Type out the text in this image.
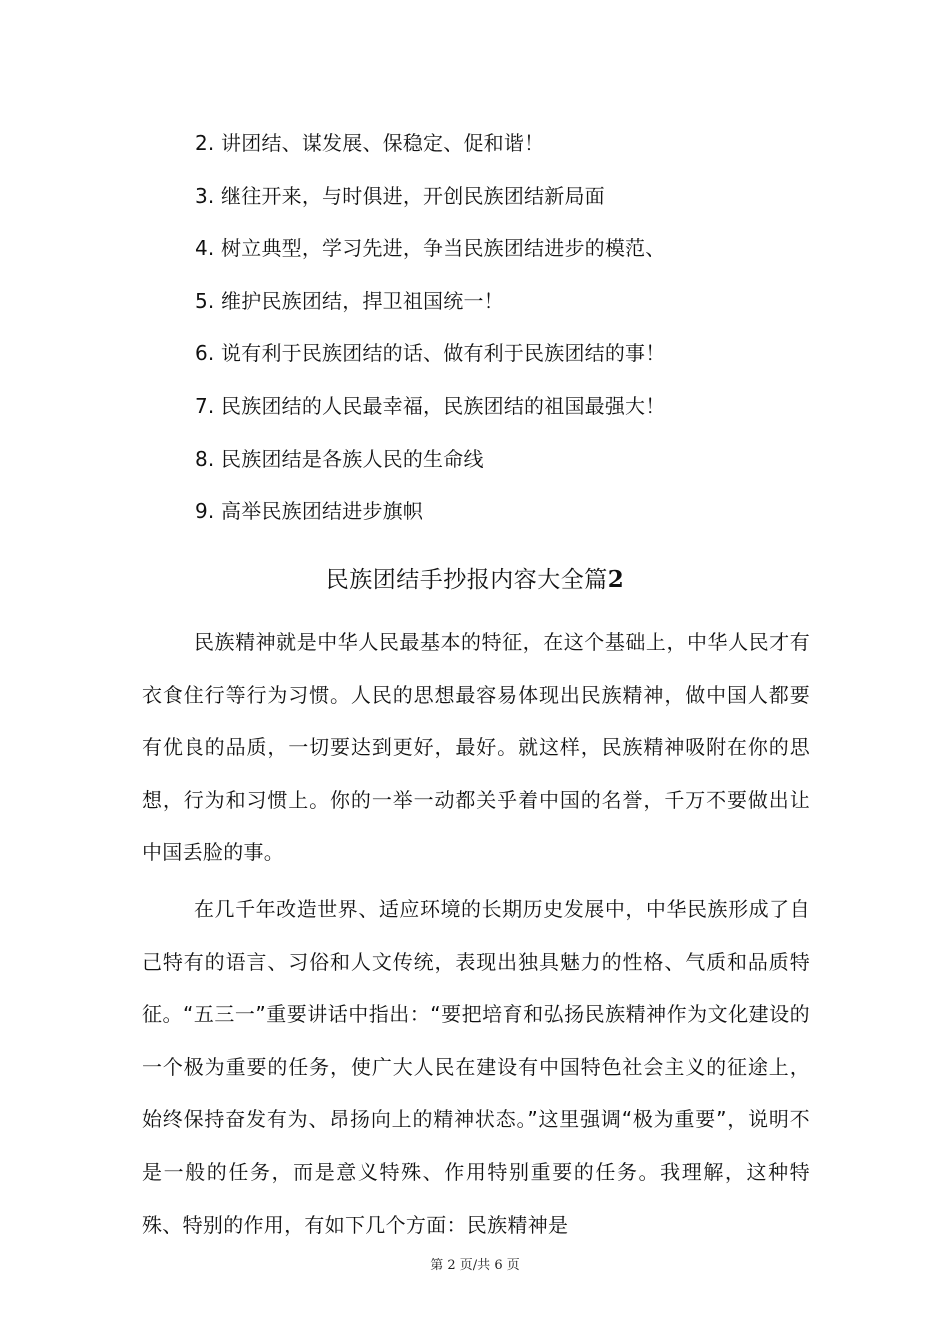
2. 讲团结、谋发展、保稳定、促和谐！
3. 继往开来，与时俱进，开创民族团结新局面
4. 树立典型，学习先进，争当民族团结进步的模范、
5. 维护民族团结，捍卫祖国统一！
6. 说有利于民族团结的话、做有利于民族团结的事！
7. 民族团结的人民最幸福，民族团结的祖国最强大！
8. 民族团结是各族人民的生命线
9. 高举民族团结进步旗帜
民族团结手抄报内容大全篇2

民族精神就是中华人民最基本的特征，在这个基础上，中华人民才有衣食住行等行为习惯。人民的思想最容易体现出民族精神，做中国人都要有优良的品质，一切要达到更好，最好。就这样，民族精神吸附在你的思想，行为和习惯上。你的一举一动都关乎着中国的名誉，千万不要做出让中国丢脸的事。

在几千年改造世界、适应环境的长期历史发展中，中华民族形成了自己特有的语言、习俗和人文传统，表现出独具魅力的性格、气质和品质特征。“五三一”重要讲话中指出：“要把培育和弘扬民族精神作为文化建设的一个极为重要的任务，使广大人民在建设有中国特色社会主义的征途上，始终保持奋发有为、昂扬向上的精神状态。”这里强调“极为重要”，说明不是一般的任务，而是意义特殊、作用特别重要的任务。我理解，这种特殊、特别的作用，有如下几个方面：民族精神是

第 2 页/共 6 页
